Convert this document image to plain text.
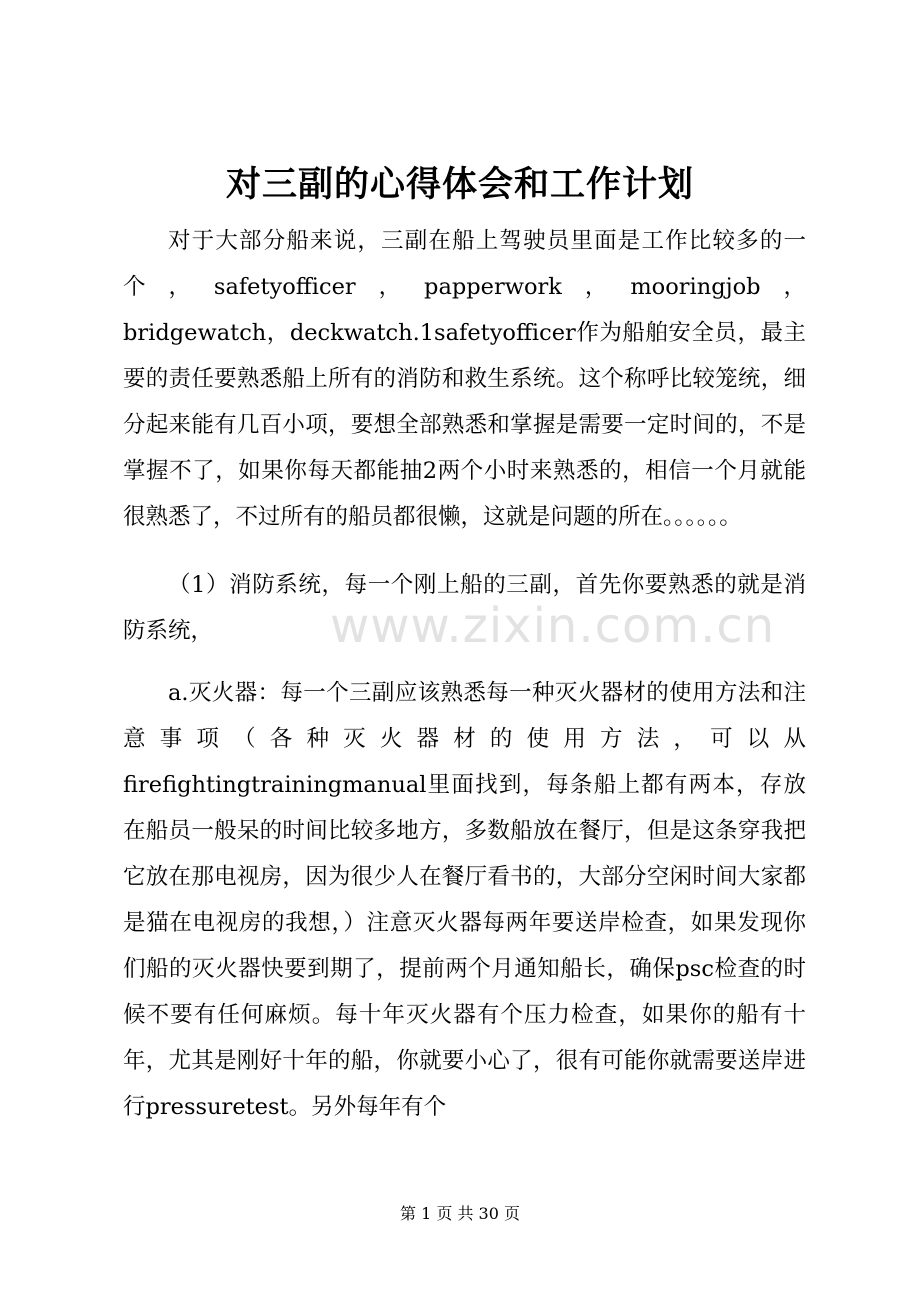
对三副的心得体会和工作计划

对于大部分船来说，三副在船上驾驶员里面是工作比较多的一个，safetyofficer，papperwork，mooringjob，bridgewatch，deckwatch.1safetyofficer作为船舶安全员，最主要的责任要熟悉船上所有的消防和救生系统。这个称呼比较笼统，细分起来能有几百小项，要想全部熟悉和掌握是需要一定时间的，不是掌握不了，如果你每天都能抽2两个小时来熟悉的，相信一个月就能很熟悉了，不过所有的船员都很懒，这就是问题的所在。。。。。。

（1）消防系统，每一个刚上船的三副，首先你要熟悉的就是消防系统，

a.灭火器：每一个三副应该熟悉每一种灭火器材的使用方法和注意事项（各种灭火器材的使用方法，可以从firefightingtrainingmanual里面找到，每条船上都有两本，存放在船员一般呆的时间比较多地方，多数船放在餐厅，但是这条穿我把它放在那电视房，因为很少人在餐厅看书的，大部分空闲时间大家都是猫在电视房的我想，）注意灭火器每两年要送岸检查，如果发现你们船的灭火器快要到期了，提前两个月通知船长，确保psc检查的时候不要有任何麻烦。每十年灭火器有个压力检查，如果你的船有十年，尤其是刚好十年的船，你就要小心了，很有可能你就需要送岸进行pressuretest。另外每年有个

www.zixin.com.cn
第 1 页 共 30 页
